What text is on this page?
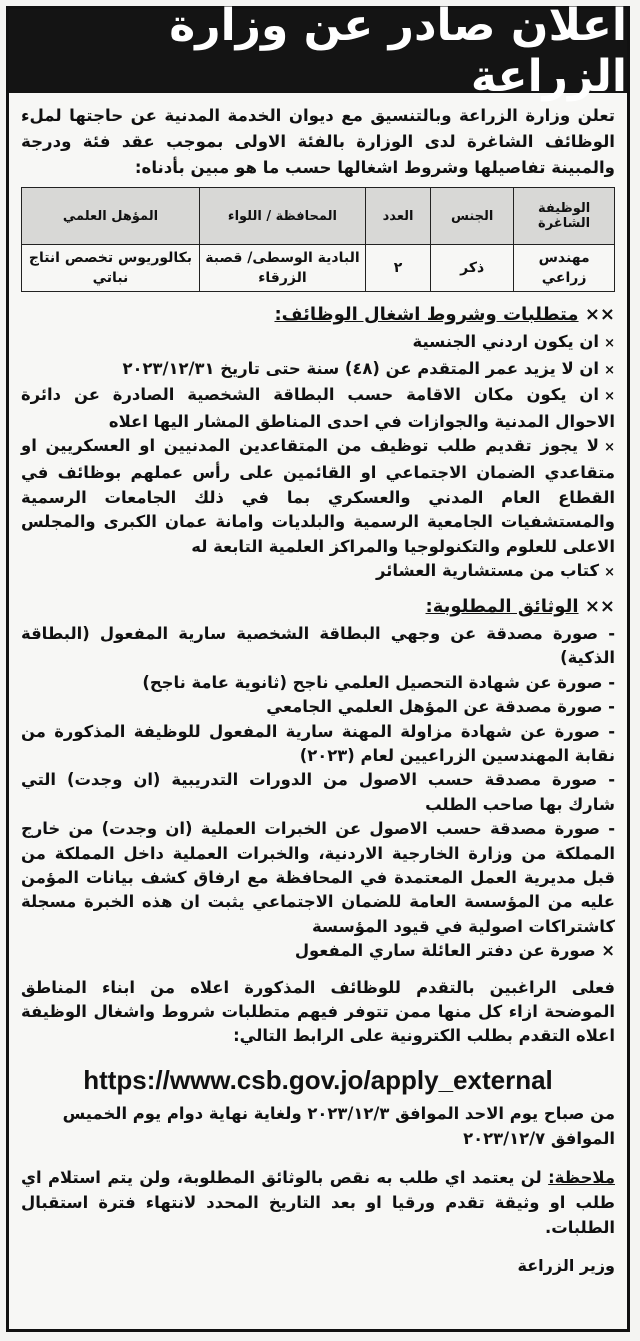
اعلان صادر عن وزارة الزراعة

تعلن وزارة الزراعة وبالتنسيق مع ديوان الخدمة المدنية عن حاجتها لملء الوظائف الشاغرة لدى الوزارة بالفئة الاولى بموجب عقد فئة ودرجة والمبينة تفاصيلها وشروط اشغالها حسب ما هو مبين بأدناه:

الوظيفة الشاغرة	الجنس	العدد	المحافظة / اللواء	المؤهل العلمي
مهندس زراعي	ذكر	٢	البادية الوسطى/ قصبة الزرقاء	بكالوريوس تخصص انتاج نباتي
×× متطلبات وشروط اشغال الوظائف:
×ان يكون اردني الجنسية
×ان لا يزيد عمر المتقدم عن (٤٨) سنة حتى تاريخ ٢٠٢٣/١٢/٣١
×ان يكون مكان الاقامة حسب البطاقة الشخصية الصادرة عن دائرة الاحوال المدنية والجوازات في احدى المناطق المشار اليها اعلاه
×لا يجوز تقديم طلب توظيف من المتقاعدين المدنيين او العسكريين او متقاعدي الضمان الاجتماعي او القائمين على رأس عملهم بوظائف في القطاع العام المدني والعسكري بما في ذلك الجامعات الرسمية والمستشفيات الجامعية الرسمية والبلديات وامانة عمان الكبرى والمجلس الاعلى للعلوم والتكنولوجيا والمراكز العلمية التابعة له
×كتاب من مستشارية العشائر
×× الوثائق المطلوبة:
- صورة مصدقة عن وجهي البطاقة الشخصية سارية المفعول (البطاقة الذكية)
- صورة عن شهادة التحصيل العلمي ناجح (ثانوية عامة ناجح)
- صورة مصدقة عن المؤهل العلمي الجامعي
- صورة عن شهادة مزاولة المهنة سارية المفعول للوظيفة المذكورة من نقابة المهندسين الزراعيين لعام (٢٠٢٣)
- صورة مصدقة حسب الاصول من الدورات التدريبية (ان وجدت) التي شارك بها صاحب الطلب
- صورة مصدقة حسب الاصول عن الخبرات العملية (ان وجدت) من خارج المملكة من وزارة الخارجية الاردنية، والخبرات العملية داخل المملكة من قبل مديرية العمل المعتمدة في المحافظة مع ارفاق كشف بيانات المؤمن عليه من المؤسسة العامة للضمان الاجتماعي يثبت ان هذه الخبرة مسجلة كاشتراكات اصولية في قيود المؤسسة
× صورة عن دفتر العائلة ساري المفعول

فعلى الراغبين بالتقدم للوظائف المذكورة اعلاه من ابناء المناطق الموضحة ازاء كل منها ممن تتوفر فيهم متطلبات شروط واشغال الوظيفة اعلاه التقدم بطلب الكترونية على الرابط التالي:

https://www.csb.gov.jo/apply_external

من صباح يوم الاحد الموافق ٢٠٢٣/١٢/٣ ولغاية نهاية دوام يوم الخميس الموافق ٢٠٢٣/١٢/٧

ملاحظة: لن يعتمد اي طلب به نقص بالوثائق المطلوبة، ولن يتم استلام اي طلب او وثيقة تقدم ورقيا او بعد التاريخ المحدد لانتهاء فترة استقبال الطلبات.

وزير الزراعة
